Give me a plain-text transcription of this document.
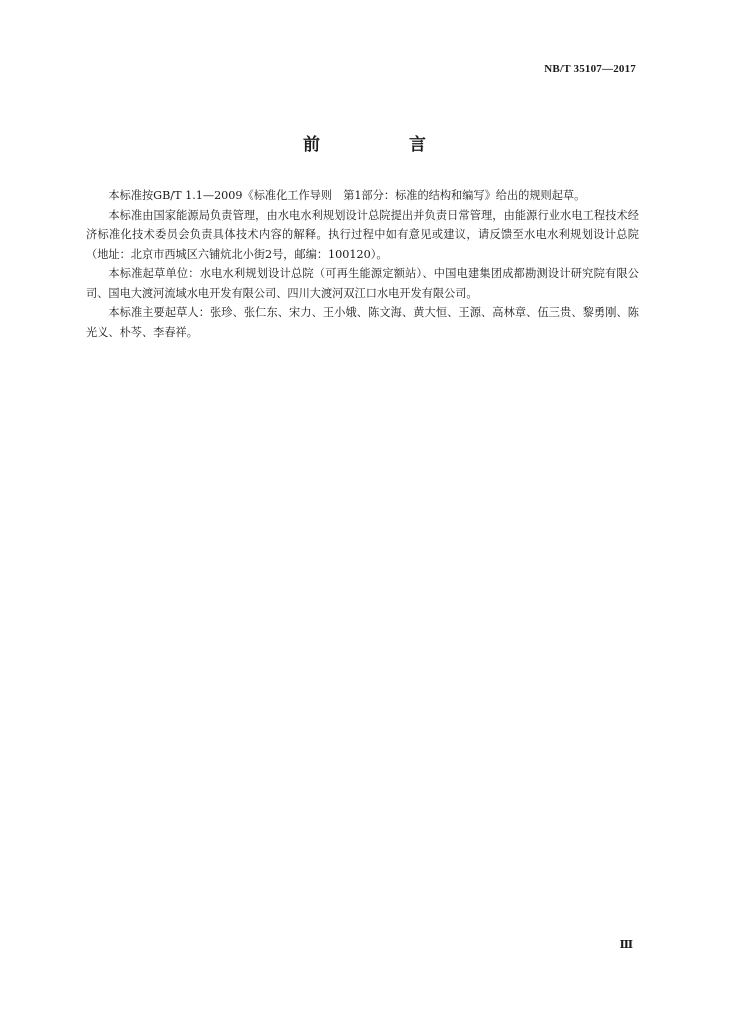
NB/T 35107—2017
前　言

本标准按GB/T 1.1—2009《标准化工作导则　第1部分：标准的结构和编写》给出的规则起草。

本标准由国家能源局负责管理，由水电水利规划设计总院提出并负责日常管理，由能源行业水电工程技术经济标准化技术委员会负责具体技术内容的解释。执行过程中如有意见或建议，请反馈至水电水利规划设计总院（地址：北京市西城区六铺炕北小街2号，邮编：100120）。

本标准起草单位：水电水利规划设计总院（可再生能源定额站）、中国电建集团成都勘测设计研究院有限公司、国电大渡河流域水电开发有限公司、四川大渡河双江口水电开发有限公司。

本标准主要起草人：张珍、张仁东、宋力、王小娥、陈文海、黄大恒、王源、高林章、伍三贵、黎勇刚、陈光义、朴芩、李春祥。

Ⅲ
